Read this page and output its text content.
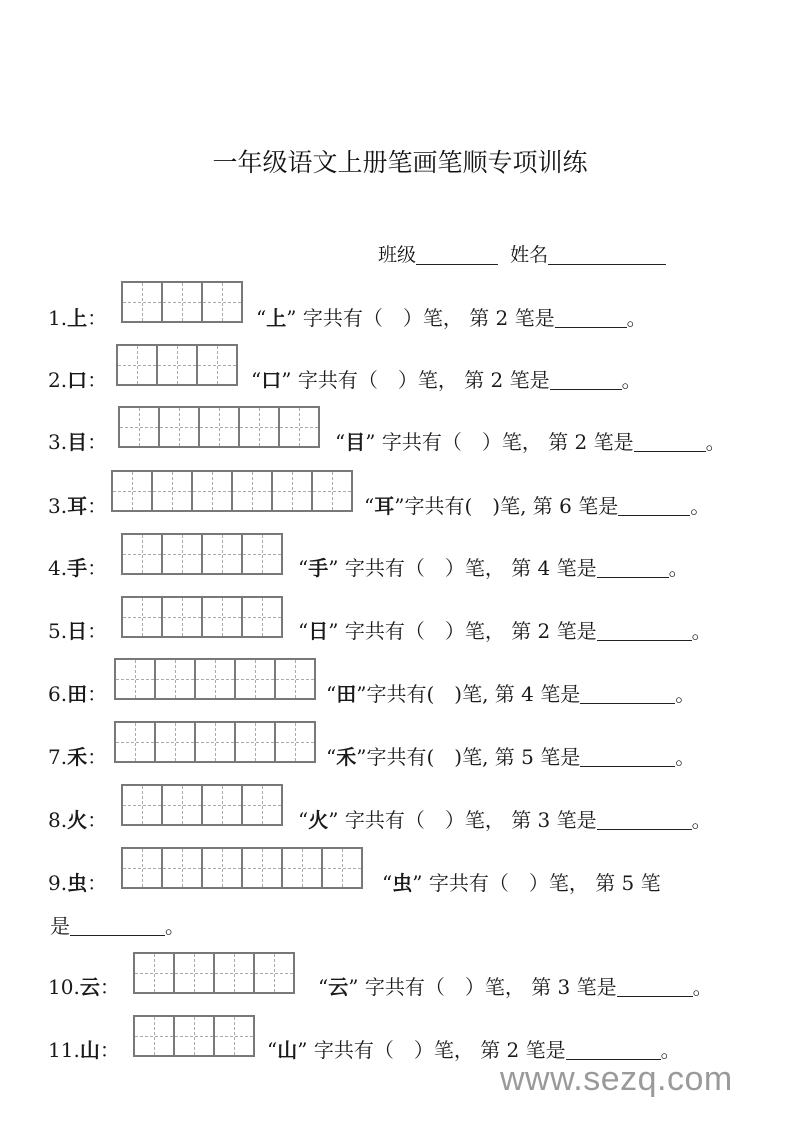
一年级语文上册笔画笔顺专项训练
班级	姓名
1.上：	“上” 字共有（　）笔， 第 2 笔是	。
2.口：	“口” 字共有（　）笔， 第 2 笔是	。
3.目：	“目” 字共有（　）笔， 第 2 笔是	。
3.耳：	“耳”字共有(　)笔, 第 6 笔是	。
4.手：	“手” 字共有（　）笔， 第 4 笔是	。
5.日：	“日” 字共有（　）笔， 第 2 笔是	。
6.田：	“田”字共有(　)笔, 第 4 笔是	。
7.禾：	“禾”字共有(　)笔, 第 5 笔是	。
8.火：	“火” 字共有（　）笔， 第 3 笔是	。
9.虫：	“虫” 字共有（　）笔， 第 5 笔
是	。
10.云：	“云” 字共有（　）笔， 第 3 笔是	。
11.山：	“山” 字共有（　）笔， 第 2 笔是	。
www.sezq.com
